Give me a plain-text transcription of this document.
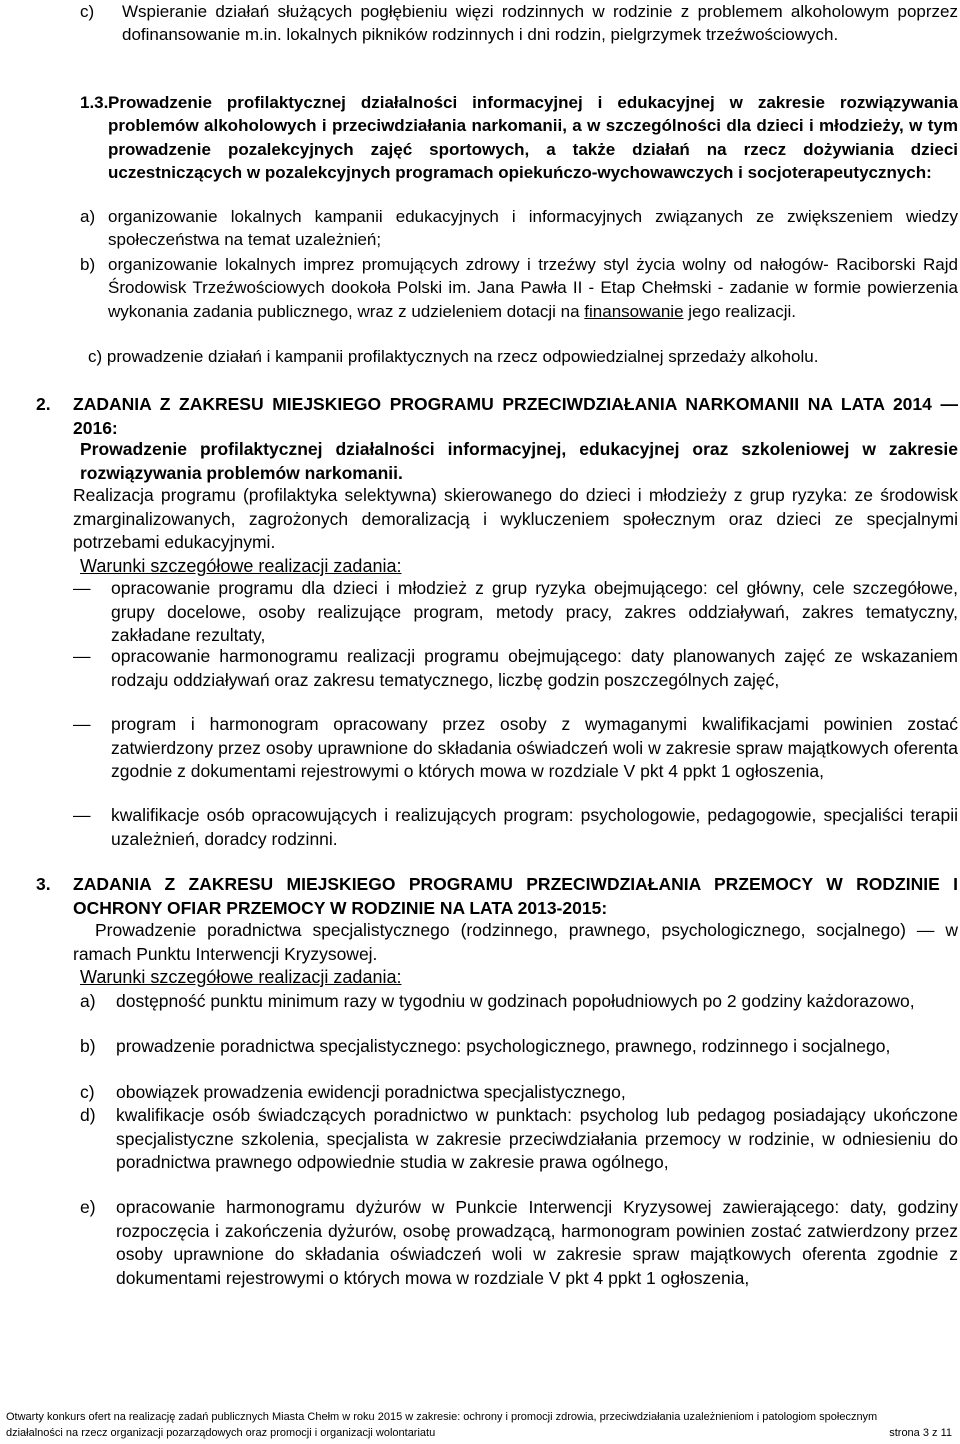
c) Wspieranie działań służących pogłębieniu więzi rodzinnych w rodzinie z problemem alkoholowym poprzez dofinansowanie m.in. lokalnych pikników rodzinnych i dni rodzin, pielgrzymek trzeźwościowych.
1.3. Prowadzenie profilaktycznej działalności informacyjnej i edukacyjnej w zakresie rozwiązywania problemów alkoholowych i przeciwdziałania narkomanii, a w szczególności dla dzieci i młodzieży, w tym prowadzenie pozalekcyjnych zajęć sportowych, a także działań na rzecz dożywiania dzieci uczestniczących w pozalekcyjnych programach opiekuńczo-wychowawczych i socjoterapeutycznych:
a) organizowanie lokalnych kampanii edukacyjnych i informacyjnych związanych ze zwiększeniem wiedzy społeczeństwa na temat uzależnień;
b) organizowanie lokalnych imprez promujących zdrowy i trzeźwy styl życia wolny od nałogów- Raciborski Rajd Środowisk Trzeźwościowych dookoła Polski im. Jana Pawła II - Etap Chełmski - zadanie w formie powierzenia wykonania zadania publicznego, wraz z udzieleniem dotacji na finansowanie jego realizacji.
c) prowadzenie działań i kampanii profilaktycznych na rzecz odpowiedzialnej sprzedaży alkoholu.
2. ZADANIA Z ZAKRESU MIEJSKIEGO PROGRAMU PRZECIWDZIAŁANIA NARKOMANII NA LATA 2014 — 2016:
Prowadzenie profilaktycznej działalności informacyjnej, edukacyjnej oraz szkoleniowej w zakresie rozwiązywania problemów narkomanii.
Realizacja programu (profilaktyka selektywna) skierowanego do dzieci i młodzieży z grup ryzyka: ze środowisk zmarginalizowanych, zagrożonych demoralizacją i wykluczeniem społecznym oraz dzieci ze specjalnymi potrzebami edukacyjnymi.
Warunki szczegółowe realizacji zadania:
— opracowanie programu dla dzieci i młodzież z grup ryzyka obejmującego: cel główny, cele szczegółowe, grupy docelowe, osoby realizujące program, metody pracy, zakres oddziaływań, zakres tematyczny, zakładane rezultaty,
— opracowanie harmonogramu realizacji programu obejmującego: daty planowanych zajęć ze wskazaniem rodzaju oddziaływań oraz zakresu tematycznego, liczbę godzin poszczególnych zajęć,
— program i harmonogram opracowany przez osoby z wymaganymi kwalifikacjami powinien zostać zatwierdzony przez osoby uprawnione do składania oświadczeń woli w zakresie spraw majątkowych oferenta zgodnie z dokumentami rejestrowymi o których mowa w rozdziale V pkt 4 ppkt 1 ogłoszenia,
— kwalifikacje osób opracowujących i realizujących program: psychologowie, pedagogowie, specjaliści terapii uzależnień, doradcy rodzinni.
3. ZADANIA Z ZAKRESU MIEJSKIEGO PROGRAMU PRZECIWDZIAŁANIA PRZEMOCY W RODZINIE I OCHRONY OFIAR PRZEMOCY W RODZINIE NA LATA 2013-2015:
Prowadzenie poradnictwa specjalistycznego (rodzinnego, prawnego, psychologicznego, socjalnego) — w ramach Punktu Interwencji Kryzysowej.
Warunki szczegółowe realizacji zadania:
a) dostępność punktu minimum razy w tygodniu w godzinach popołudniowych po 2 godziny każdorazowo,
b) prowadzenie poradnictwa specjalistycznego: psychologicznego, prawnego, rodzinnego i socjalnego,
c) obowiązek prowadzenia ewidencji poradnictwa specjalistycznego,
d) kwalifikacje osób świadczących poradnictwo w punktach: psycholog lub pedagog posiadający ukończone specjalistyczne szkolenia, specjalista w zakresie przeciwdziałania przemocy w rodzinie, w odniesieniu do poradnictwa prawnego odpowiednie studia w zakresie prawa ogólnego,
e) opracowanie harmonogramu dyżurów w Punkcie Interwencji Kryzysowej zawierającego: daty, godziny rozpoczęcia i zakończenia dyżurów, osobę prowadzącą, harmonogram powinien zostać zatwierdzony przez osoby uprawnione do składania oświadczeń woli w zakresie spraw majątkowych oferenta zgodnie z dokumentami rejestrowymi o których mowa w rozdziale V pkt 4 ppkt 1 ogłoszenia,
Otwarty konkurs ofert na realizację zadań publicznych Miasta Chełm w roku 2015 w zakresie: ochrony i promocji zdrowia, przeciwdziałania uzależnieniom i patologiom społecznym
działalności na rzecz organizacji pozarządowych oraz promocji i organizacji wolontariatu	strona 3 z 11
